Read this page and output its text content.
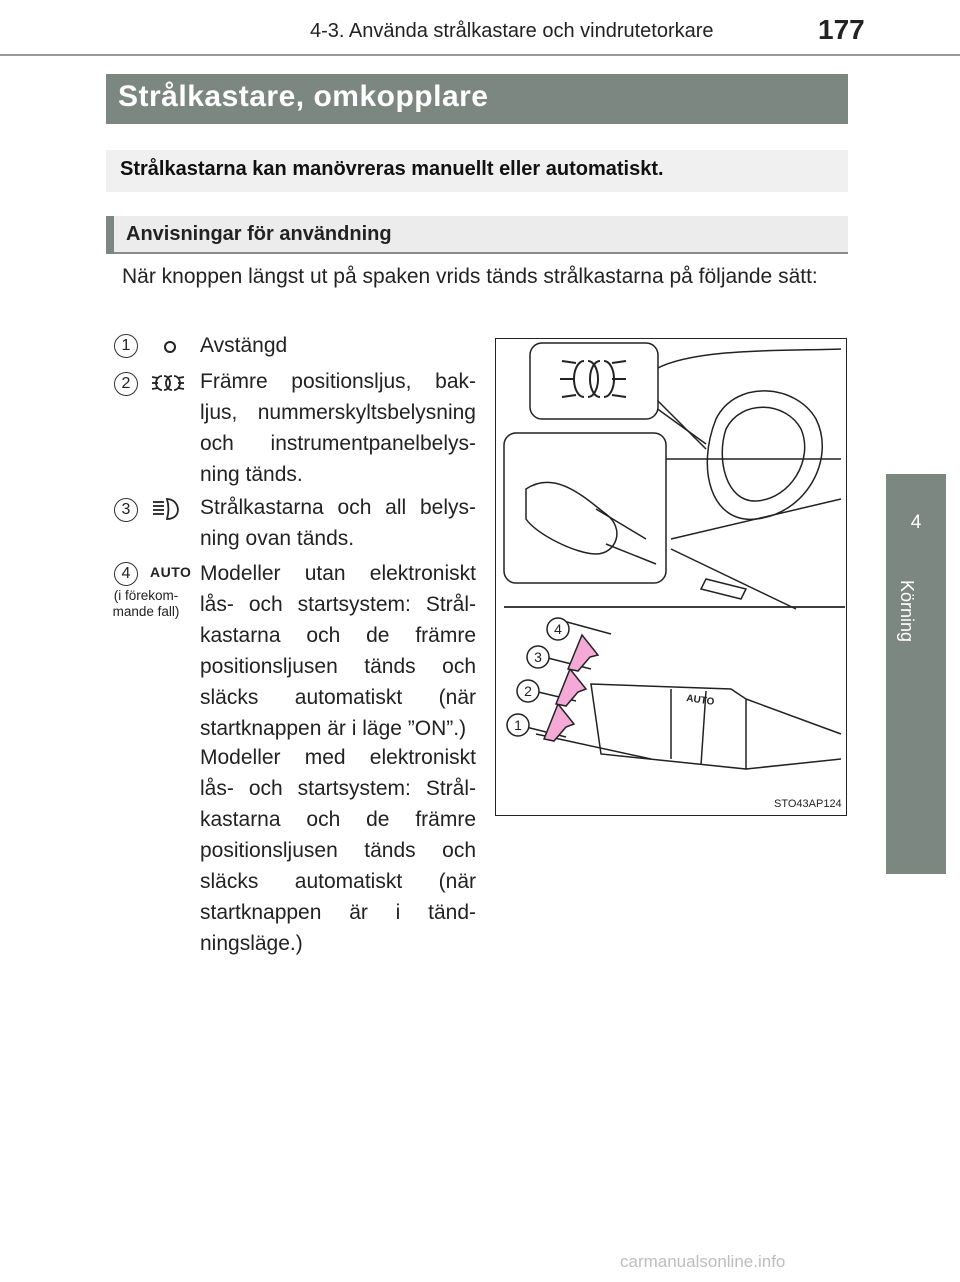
4-3. Använda strålkastare och vindrutetorkare	177
Strålkastare, omkopplare
Strålkastarna kan manövreras manuellt eller automatiskt.
Anvisningar för användning
När knoppen längst ut på spaken vrids tänds strålkastarna på följande sätt:
1	Avstängd
2	Främre positionsljus, bak-ljus, nummerskyltsbelysning och instrumentpanelbelys-ning tänds.
3	Strålkastarna och all belys-ning ovan tänds.
4	AUTO
(i förekom-mande fall)
Modeller utan elektroniskt lås- och startsystem: Strål-kastarna och de främre positionsljusen tänds och släcks automatiskt (när startknappen är i läge ”ON”.)
Modeller med elektroniskt lås- och startsystem: Strål-kastarna och de främre positionsljusen tänds och släcks automatiskt (när startknappen är i tänd-ningsläge.)
4
3
2
1
AUTO
STO43AP124
4
Körning
carmanualsonline.info
